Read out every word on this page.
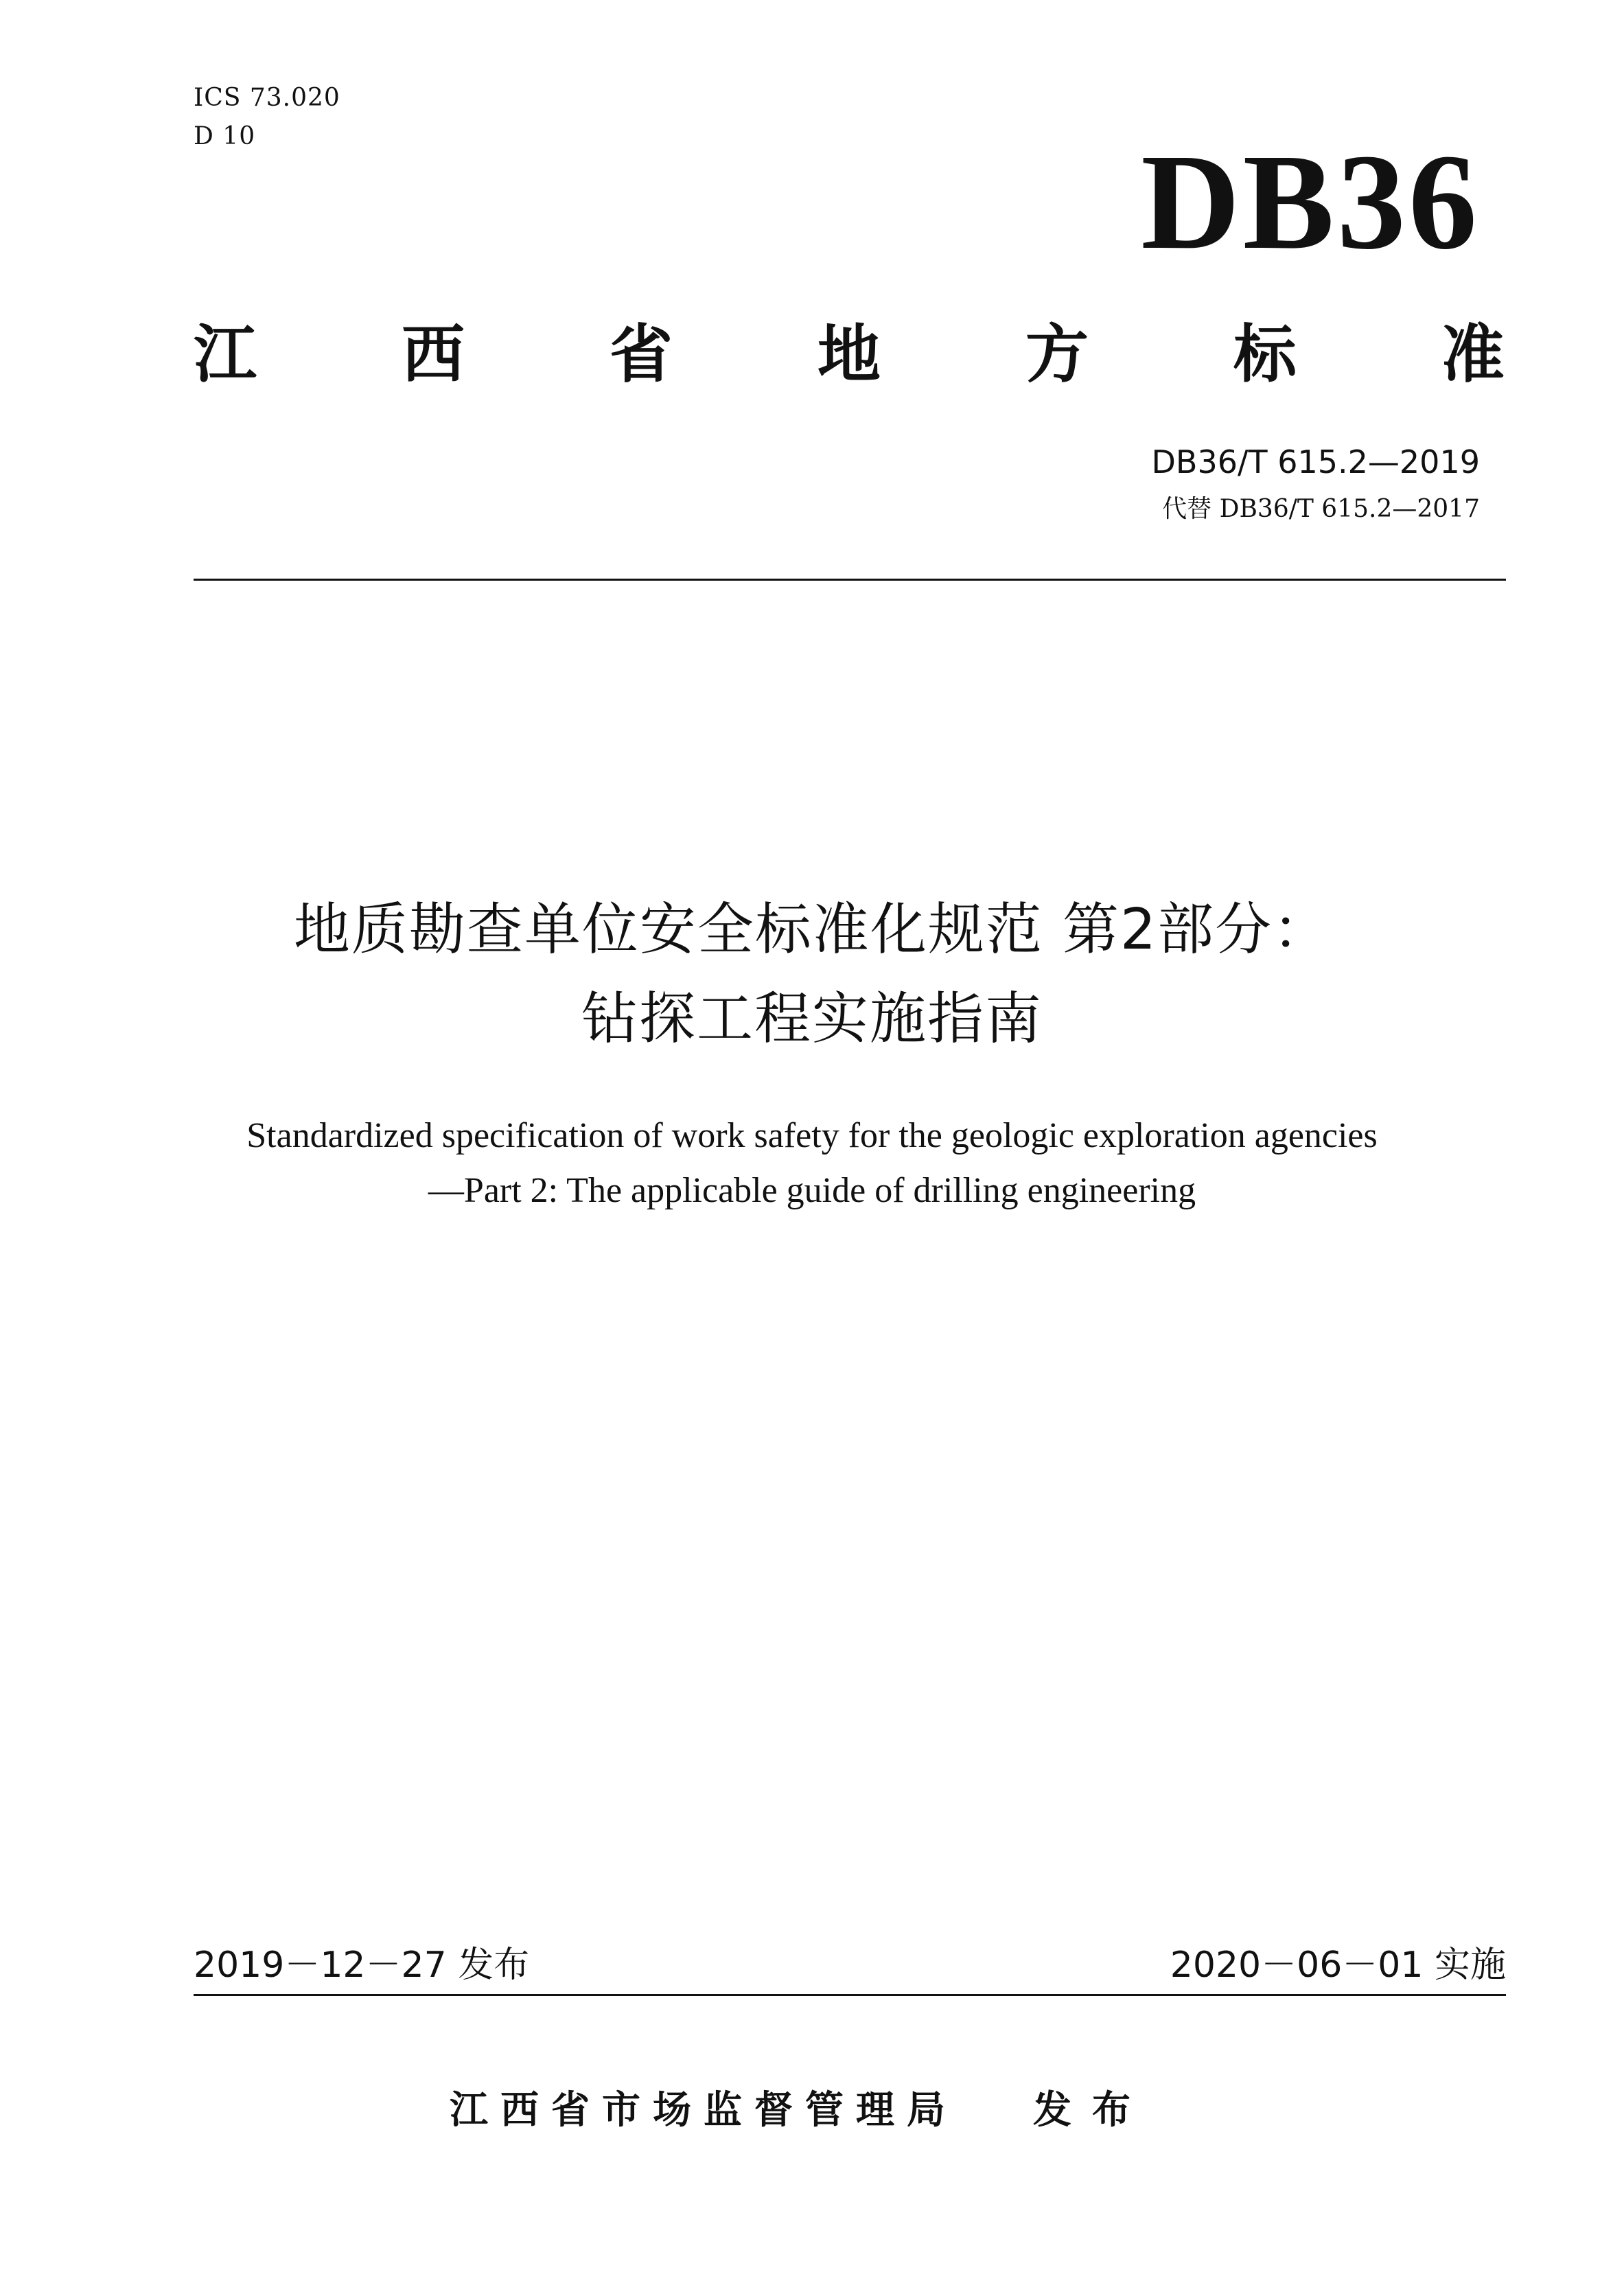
ICS 73.020
D 10	DB36
江 西 省 地 方 标 准
DB36/T 615.2—2019
代替 DB36/T 615.2—2017
地质勘查单位安全标准化规范 第2部分：
钻探工程实施指南
Standardized specification of work safety for the geologic exploration agencies
—Part 2: The applicable guide of drilling engineering
2019－12－27 发布	2020－06－01 实施
江西省市场监督管理局 发布
